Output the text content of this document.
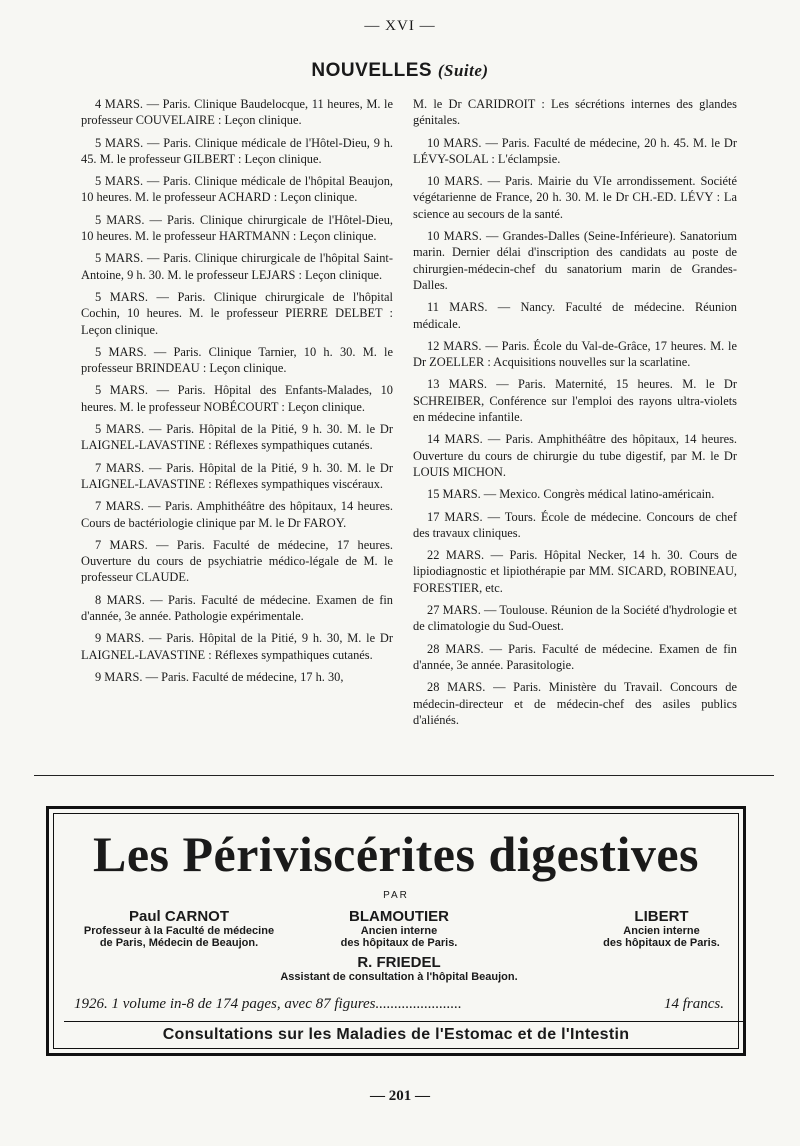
— XVI —
NOUVELLES (Suite)

4 MARS. — Paris. Clinique Baudelocque, 11 heures, M. le professeur COUVELAIRE : Leçon clinique.

5 MARS. — Paris. Clinique médicale de l'Hôtel-Dieu, 9 h. 45. M. le professeur GILBERT : Leçon clinique.

5 MARS. — Paris. Clinique médicale de l'hôpital Beaujon, 10 heures. M. le professeur ACHARD : Leçon clinique.

5 MARS. — Paris. Clinique chirurgicale de l'Hôtel-Dieu, 10 heures. M. le professeur HARTMANN : Leçon clinique.

5 MARS. — Paris. Clinique chirurgicale de l'hôpital Saint-Antoine, 9 h. 30. M. le professeur LEJARS : Leçon clinique.

5 MARS. — Paris. Clinique chirurgicale de l'hôpital Cochin, 10 heures. M. le professeur PIERRE DELBET : Leçon clinique.

5 MARS. — Paris. Clinique Tarnier, 10 h. 30. M. le professeur BRINDEAU : Leçon clinique.

5 MARS. — Paris. Hôpital des Enfants-Malades, 10 heures. M. le professeur NOBÉCOURT : Leçon clinique.

5 MARS. — Paris. Hôpital de la Pitié, 9 h. 30. M. le Dr LAIGNEL-LAVASTINE : Réflexes sympathiques cutanés.

7 MARS. — Paris. Hôpital de la Pitié, 9 h. 30. M. le Dr LAIGNEL-LAVASTINE : Réflexes sympathiques viscéraux.

7 MARS. — Paris. Amphithéâtre des hôpitaux, 14 heures. Cours de bactériologie clinique par M. le Dr FAROY.

7 MARS. — Paris. Faculté de médecine, 17 heures. Ouverture du cours de psychiatrie médico-légale de M. le professeur CLAUDE.

8 MARS. — Paris. Faculté de médecine. Examen de fin d'année, 3e année. Pathologie expérimentale.

9 MARS. — Paris. Hôpital de la Pitié, 9 h. 30, M. le Dr LAIGNEL-LAVASTINE : Réflexes sympathiques cutanés.

9 MARS. — Paris. Faculté de médecine, 17 h. 30,

M. le Dr CARIDROIT : Les sécrétions internes des glandes génitales.

10 MARS. — Paris. Faculté de médecine, 20 h. 45. M. le Dr LÉVY-SOLAL : L'éclampsie.

10 MARS. — Paris. Mairie du VIe arrondissement. Société végétarienne de France, 20 h. 30. M. le Dr CH.-ED. LÉVY : La science au secours de la santé.

10 MARS. — Grandes-Dalles (Seine-Inférieure). Sanatorium marin. Dernier délai d'inscription des candidats au poste de chirurgien-médecin-chef du sanatorium marin de Grandes-Dalles.

11 MARS. — Nancy. Faculté de médecine. Réunion médicale.

12 MARS. — Paris. École du Val-de-Grâce, 17 heures. M. le Dr ZOELLER : Acquisitions nouvelles sur la scarlatine.

13 MARS. — Paris. Maternité, 15 heures. M. le Dr SCHREIBER, Conférence sur l'emploi des rayons ultra-violets en médecine infantile.

14 MARS. — Paris. Amphithéâtre des hôpitaux, 14 heures. Ouverture du cours de chirurgie du tube digestif, par M. le Dr LOUIS MICHON.

15 MARS. — Mexico. Congrès médical latino-américain.

17 MARS. — Tours. École de médecine. Concours de chef des travaux cliniques.

22 MARS. — Paris. Hôpital Necker, 14 h. 30. Cours de lipiodiagnostic et lipiothérapie par MM. SICARD, ROBINEAU, FORESTIER, etc.

27 MARS. — Toulouse. Réunion de la Société d'hydrologie et de climatologie du Sud-Ouest.

28 MARS. — Paris. Faculté de médecine. Examen de fin d'année, 3e année. Parasitologie.

28 MARS. — Paris. Ministère du Travail. Concours de médecin-directeur et de médecin-chef des asiles publics d'aliénés.

Les Périviscérites digestives
PAR
Paul CARNOT
Professeur à la Faculté de médecine
de Paris, Médecin de Beaujon.
BLAMOUTIER
Ancien interne
des hôpitaux de Paris.
LIBERT
Ancien interne
des hôpitaux de Paris.
R. FRIEDEL
Assistant de consultation à l'hôpital Beaujon.
1926. 1 volume in-8 de 174 pages, avec 87 figures.......................	14 francs.
Consultations sur les Maladies de l'Estomac et de l'Intestin
— 201 —
